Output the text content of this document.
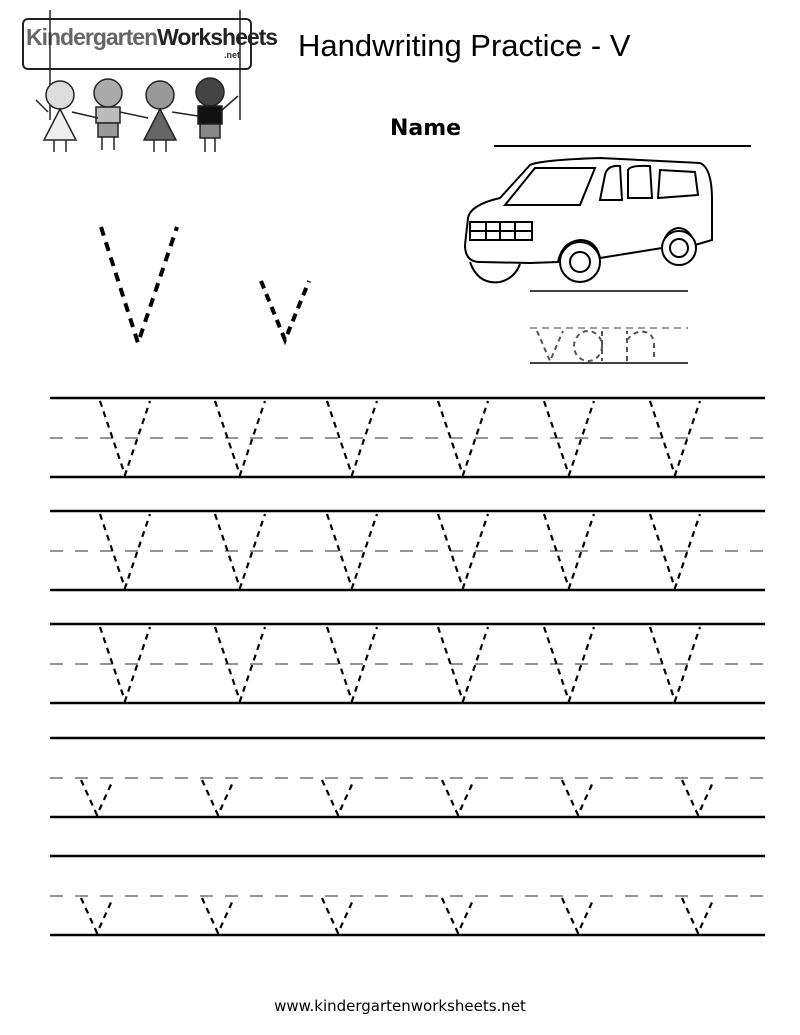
KindergartenWorksheets
.net Handwriting Practice - V
Name
www.kindergartenworksheets.net
